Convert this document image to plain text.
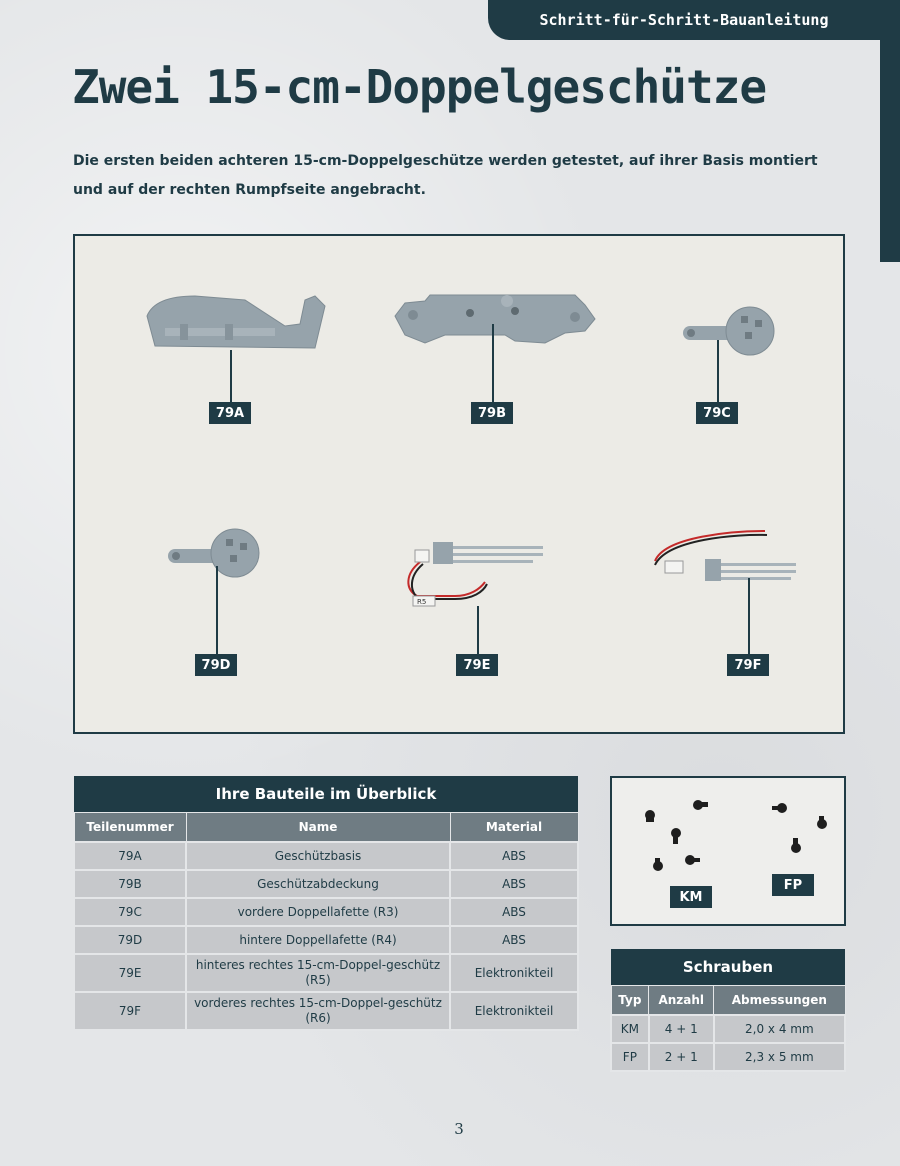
Schritt-für-Schritt-Bauanleitung
Zwei 15-cm-Doppelgeschütze

Die ersten beiden achteren 15-cm-Doppelgeschütze werden getestet, auf ihrer Basis montiert und auf der rechten Rumpfseite angebracht.

79A	79B	79C
79D
R5
79E	79F
Ihre Bauteile im Überblick		
Teilenummer	Name	Material
79A	Geschützbasis	ABS
79B	Geschützabdeckung	ABS
79C	vordere Doppellafette (R3)	ABS
79D	hintere Doppellafette (R4)	ABS
79E	hinteres rechtes 15-cm-Doppel-geschütz (R5)	Elektronikteil
79F	vorderes rechtes 15-cm-Doppel-geschütz (R6)	Elektronikteil
KM
FP
Schrauben		
Typ	Anzahl	Abmessungen
KM	4 + 1	2,0 x 4 mm
FP	2 + 1	2,3 x 5 mm
3
